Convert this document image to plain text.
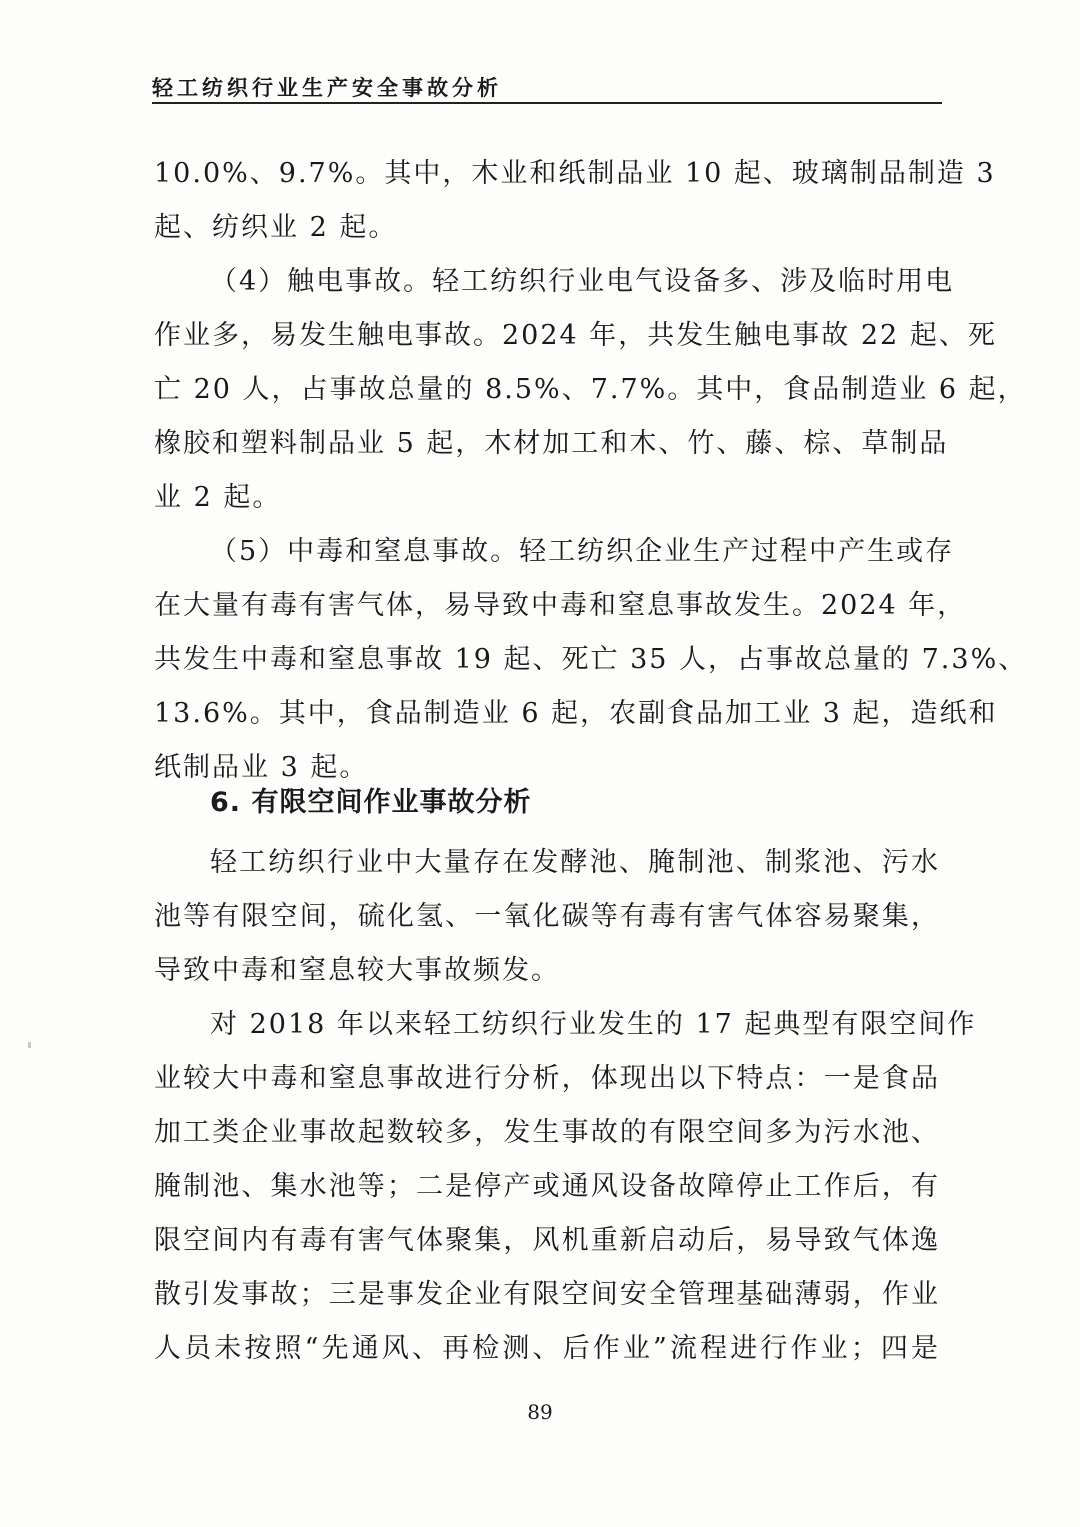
轻工纺织行业生产安全事故分析
10.0%、9.7%。其中，木业和纸制品业 10 起、玻璃制品制造 3
起、纺织业 2 起。
（4）触电事故。轻工纺织行业电气设备多、涉及临时用电
作业多，易发生触电事故。2024 年，共发生触电事故 22 起、死
亡 20 人，占事故总量的 8.5%、7.7%。其中，食品制造业 6 起，
橡胶和塑料制品业 5 起，木材加工和木、竹、藤、棕、草制品
业 2 起。
（5）中毒和窒息事故。轻工纺织企业生产过程中产生或存
在大量有毒有害气体，易导致中毒和窒息事故发生。2024 年，
共发生中毒和窒息事故 19 起、死亡 35 人，占事故总量的 7.3%、
13.6%。其中，食品制造业 6 起，农副食品加工业 3 起，造纸和
纸制品业 3 起。
6. 有限空间作业事故分析
轻工纺织行业中大量存在发酵池、腌制池、制浆池、污水
池等有限空间，硫化氢、一氧化碳等有毒有害气体容易聚集，
导致中毒和窒息较大事故频发。
对 2018 年以来轻工纺织行业发生的 17 起典型有限空间作
业较大中毒和窒息事故进行分析，体现出以下特点：一是食品
加工类企业事故起数较多，发生事故的有限空间多为污水池、
腌制池、集水池等；二是停产或通风设备故障停止工作后，有
限空间内有毒有害气体聚集，风机重新启动后，易导致气体逸
散引发事故；三是事发企业有限空间安全管理基础薄弱，作业
人员未按照“先通风、再检测、后作业”流程进行作业；四是
89
